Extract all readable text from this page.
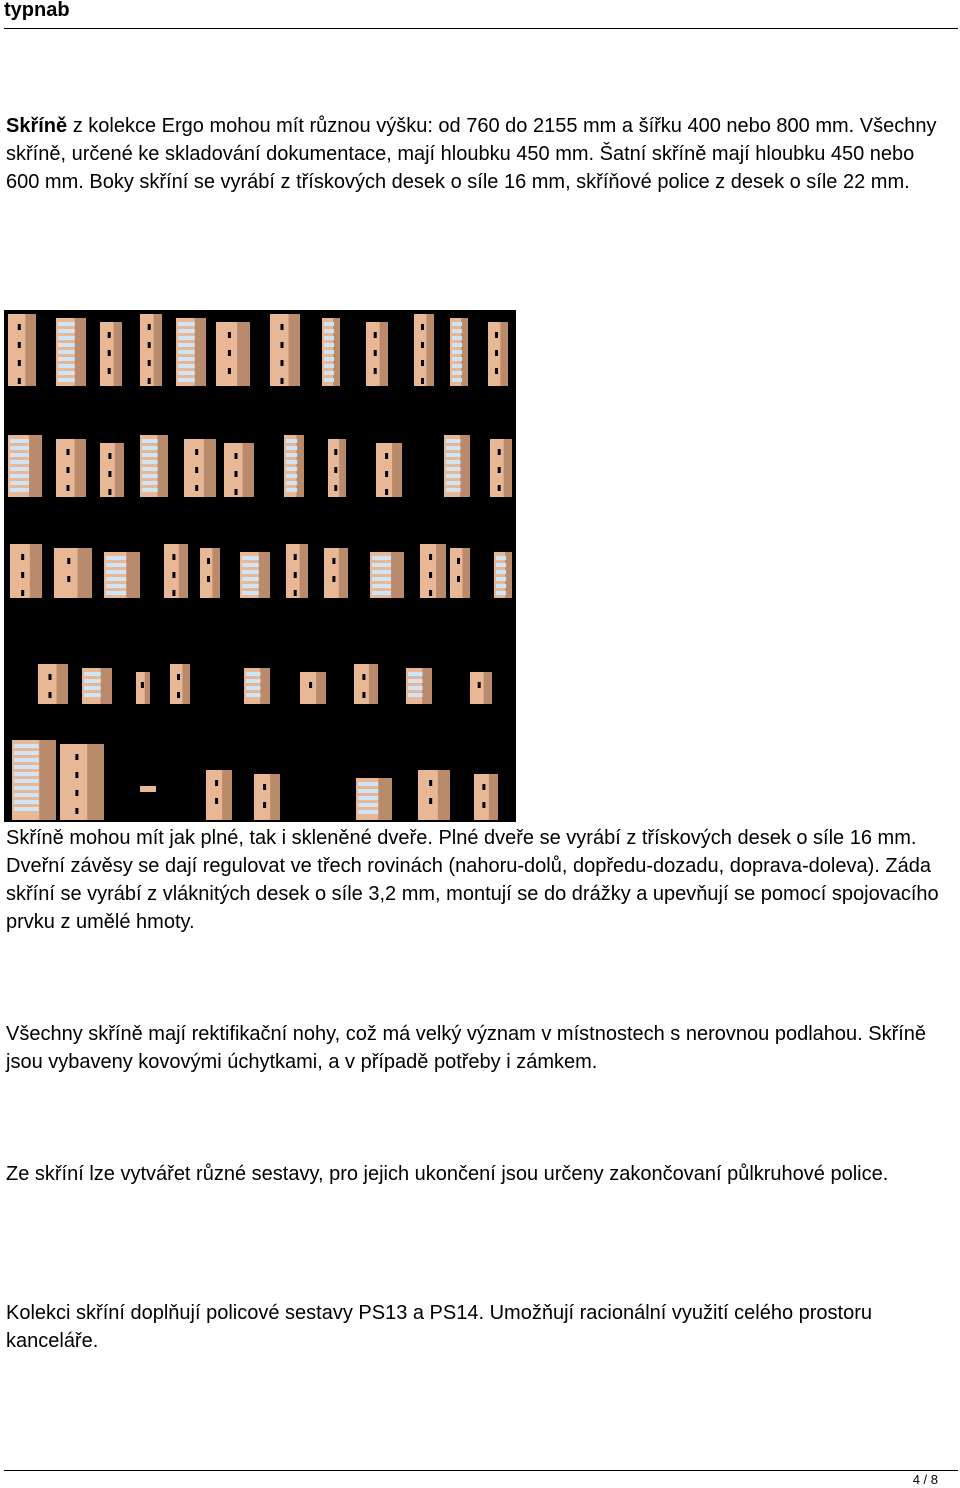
typnab

Skříně z kolekce Ergo mohou mít různou výšku: od 760 do 2155 mm a šířku 400 nebo 800 mm. Všechny skříně, určené ke skladování dokumentace, mají hloubku 450 mm. Šatní skříně mají hloubku 450 nebo 600 mm. Boky skříní se vyrábí z třískových desek o síle 16 mm, skříňové police z desek o síle 22 mm.

Skříně mohou mít jak plné, tak i skleněné dveře. Plné dveře se vyrábí z třískových desek o síle 16 mm. Dveřní závěsy se dají regulovat ve třech rovinách (nahoru-dolů, dopředu-dozadu, doprava-doleva). Záda skříní se vyrábí z vláknitých desek o síle 3,2 mm, montují se do drážky a upevňují se pomocí spojovacího prvku z umělé hmoty.

Všechny skříně mají rektifikační nohy, což má velký význam v místnostech s nerovnou podlahou. Skříně jsou vybaveny kovovými úchytkami, a v případě potřeby i zámkem.

Ze skříní lze vytvářet různé sestavy, pro jejich ukončení jsou určeny zakončovaní půlkruhové police.

Kolekci skříní doplňují policové sestavy PS13 a PS14. Umožňují racionální využití celého prostoru kanceláře.

4 / 8
